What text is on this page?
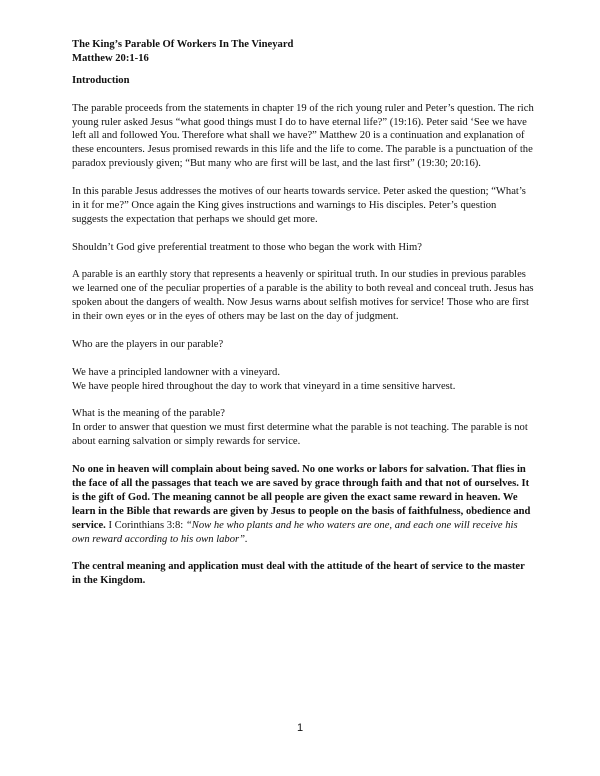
The King’s Parable Of Workers In The Vineyard
Matthew 20:1-16
Introduction

The parable proceeds from the statements in chapter 19 of the rich young ruler and Peter’s question. The rich young ruler asked Jesus “what good things must I do to have eternal life?” (19:16). Peter said ‘See we have left all and followed You. Therefore what shall we have?” Matthew 20 is a continuation and explanation of these encounters. Jesus promised rewards in this life and the life to come. The parable is a punctuation of the paradox previously given; “But many who are first will be last, and the last first” (19:30; 20:16).

In this parable Jesus addresses the motives of our hearts towards service. Peter asked the question; “What’s in it for me?” Once again the King gives instructions and warnings to His disciples. Peter’s question suggests the expectation that perhaps we should get more.

Shouldn’t God give preferential treatment to those who began the work with Him?

A parable is an earthly story that represents a heavenly or spiritual truth. In our studies in previous parables we learned one of the peculiar properties of a parable is the ability to both reveal and conceal truth. Jesus has spoken about the dangers of wealth. Now Jesus warns about selfish motives for service! Those who are first in their own eyes or in the eyes of others may be last on the day of judgment.

Who are the players in our parable?

We have a principled landowner with a vineyard.
We have people hired throughout the day to work that vineyard in a time sensitive harvest.

What is the meaning of the parable?
In order to answer that question we must first determine what the parable is not teaching. The parable is not about earning salvation or simply rewards for service.

No one in heaven will complain about being saved. No one works or labors for salvation. That flies in the face of all the passages that teach we are saved by grace through faith and that not of ourselves. It is the gift of God. The meaning cannot be all people are given the exact same reward in heaven. We learn in the Bible that rewards are given by Jesus to people on the basis of faithfulness, obedience and service. I Corinthians 3:8: “Now he who plants and he who waters are one, and each one will receive his own reward according to his own labor”.

The central meaning and application must deal with the attitude of the heart of service to the master in the Kingdom.

1
